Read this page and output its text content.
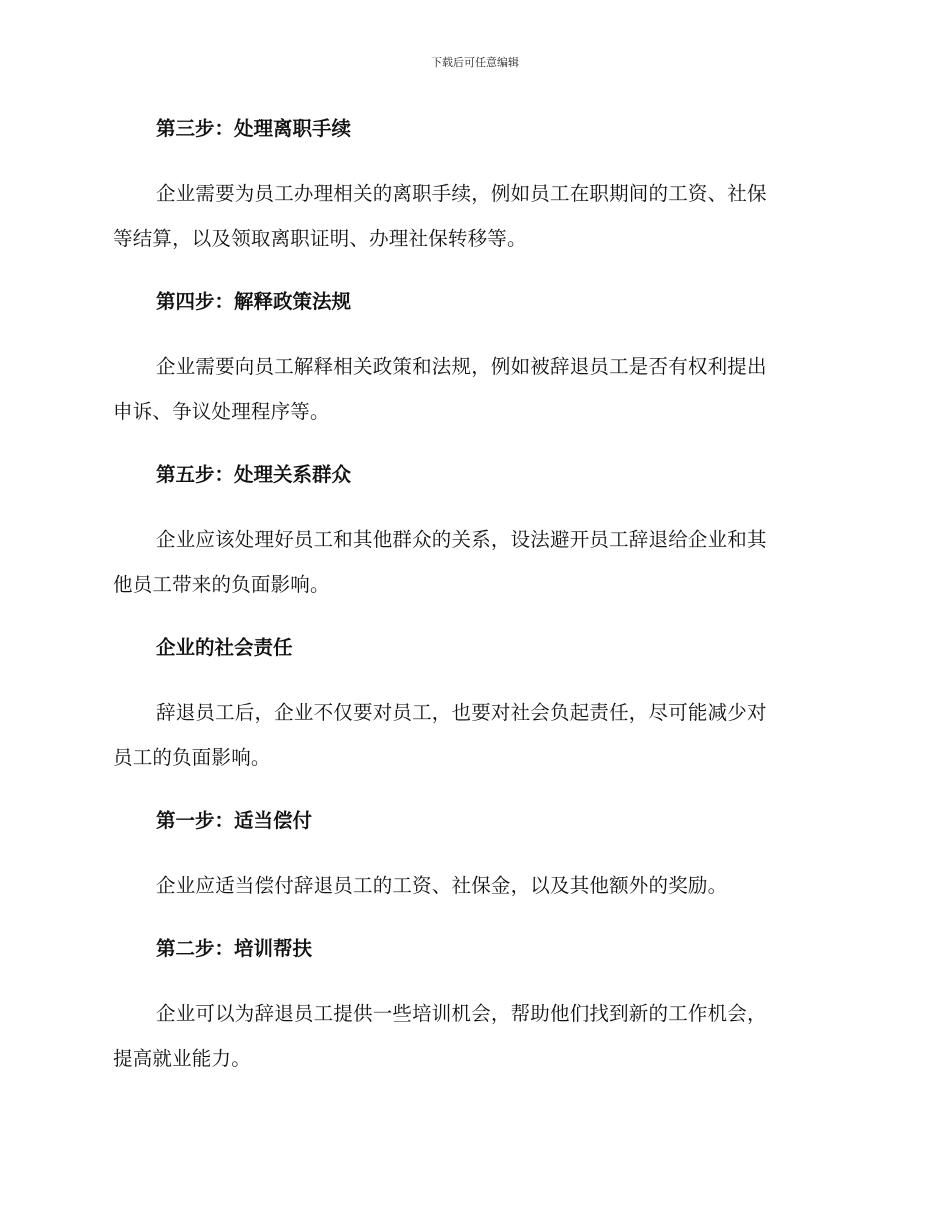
下载后可任意编辑
第三步：处理离职手续

企业需要为员工办理相关的离职手续，例如员工在职期间的工资、社保

等结算，以及领取离职证明、办理社保转移等。

第四步：解释政策法规

企业需要向员工解释相关政策和法规，例如被辞退员工是否有权利提出

申诉、争议处理程序等。

第五步：处理关系群众

企业应该处理好员工和其他群众的关系，设法避开员工辞退给企业和其

他员工带来的负面影响。

企业的社会责任

辞退员工后，企业不仅要对员工，也要对社会负起责任，尽可能减少对

员工的负面影响。

第一步：适当偿付

企业应适当偿付辞退员工的工资、社保金，以及其他额外的奖励。

第二步：培训帮扶

企业可以为辞退员工提供一些培训机会，帮助他们找到新的工作机会，

提高就业能力。
